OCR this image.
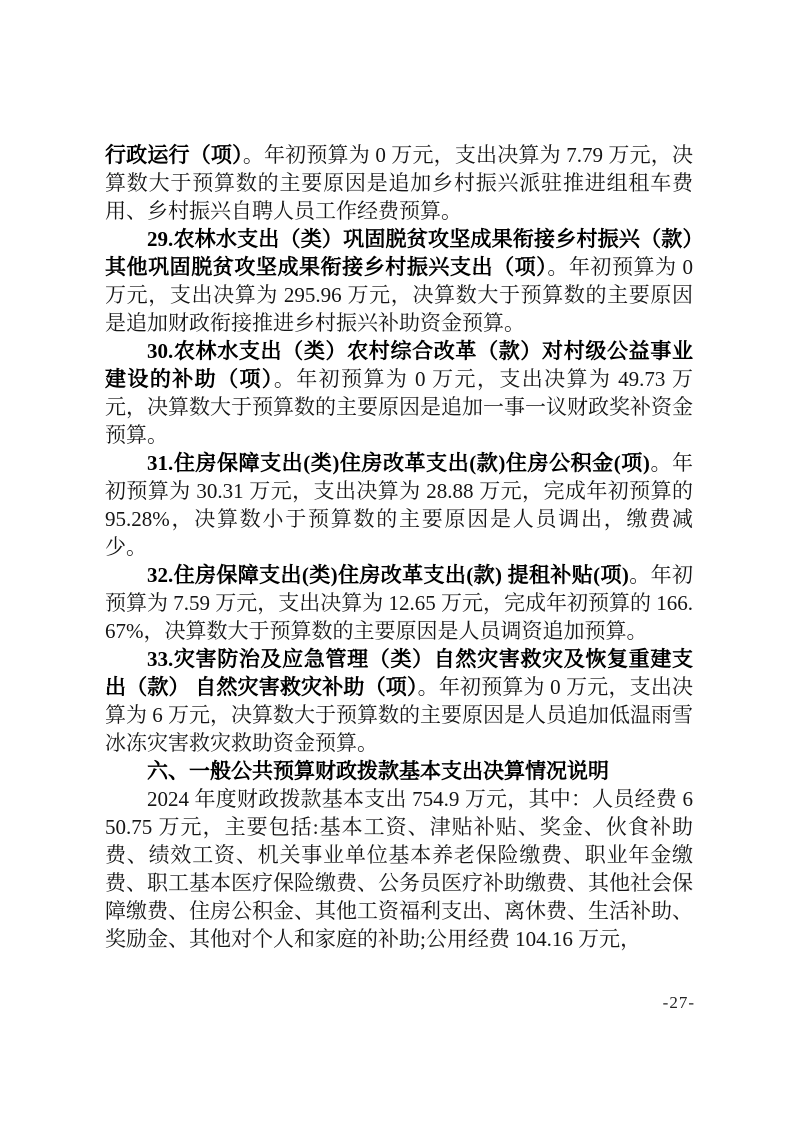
行政运行（项）。年初预算为 0 万元，支出决算为 7.79 万元，决算数大于预算数的主要原因是追加乡村振兴派驻推进组租车费用、乡村振兴自聘人员工作经费预算。

29.农林水支出（类）巩固脱贫攻坚成果衔接乡村振兴（款）其他巩固脱贫攻坚成果衔接乡村振兴支出（项）。年初预算为 0 万元，支出决算为 295.96 万元，决算数大于预算数的主要原因是追加财政衔接推进乡村振兴补助资金预算。

30.农林水支出（类）农村综合改革（款）对村级公益事业建设的补助（项）。年初预算为 0 万元，支出决算为 49.73 万元，决算数大于预算数的主要原因是追加一事一议财政奖补资金预算。

31.住房保障支出(类)住房改革支出(款)住房公积金(项)。年初预算为 30.31 万元，支出决算为 28.88 万元，完成年初预算的 95.28%，决算数小于预算数的主要原因是人员调出，缴费减少。

32.住房保障支出(类)住房改革支出(款) 提租补贴(项)。年初预算为 7.59 万元，支出决算为 12.65 万元，完成年初预算的 166.67%，决算数大于预算数的主要原因是人员调资追加预算。

33.灾害防治及应急管理（类）自然灾害救灾及恢复重建支出（款） 自然灾害救灾补助（项）。年初预算为 0 万元，支出决算为 6 万元，决算数大于预算数的主要原因是人员追加低温雨雪冰冻灾害救灾救助资金预算。

六、一般公共预算财政拨款基本支出决算情况说明

2024 年度财政拨款基本支出 754.9 万元，其中：人员经费 650.75 万元，主要包括:基本工资、津贴补贴、奖金、伙食补助费、绩效工资、机关事业单位基本养老保险缴费、职业年金缴费、职工基本医疗保险缴费、公务员医疗补助缴费、其他社会保障缴费、住房公积金、其他工资福利支出、离休费、生活补助、奖励金、其他对个人和家庭的补助;公用经费 104.16 万元，

-27-
